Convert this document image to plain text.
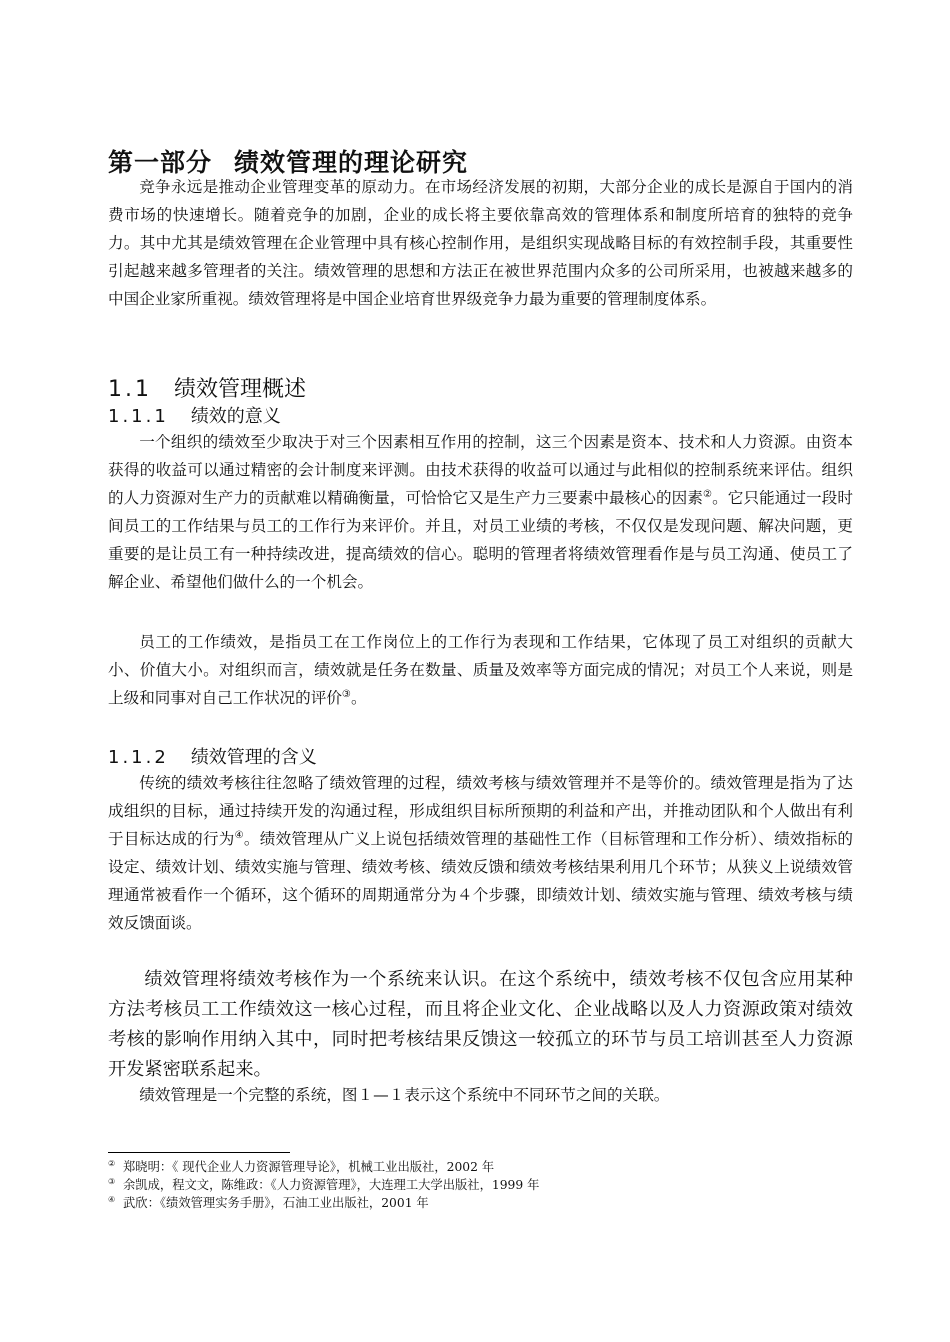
第一部分 绩效管理的理论研究
竞争永远是推动企业管理变革的原动力。在市场经济发展的初期，大部分企业的成长是源自于国内的消费市场的快速增长。随着竞争的加剧，企业的成长将主要依靠高效的管理体系和制度所培育的独特的竞争力。其中尤其是绩效管理在企业管理中具有核心控制作用，是组织实现战略目标的有效控制手段，其重要性引起越来越多管理者的关注。绩效管理的思想和方法正在被世界范围内众多的公司所采用，也被越来越多的中国企业家所重视。绩效管理将是中国企业培育世界级竞争力最为重要的管理制度体系。
1.1 绩效管理概述
1.1.1 绩效的意义
一个组织的绩效至少取决于对三个因素相互作用的控制，这三个因素是资本、技术和人力资源。由资本获得的收益可以通过精密的会计制度来评测。由技术获得的收益可以通过与此相似的控制系统来评估。组织的人力资源对生产力的贡献难以精确衡量，可恰恰它又是生产力三要素中最核心的因素②。它只能通过一段时间员工的工作结果与员工的工作行为来评价。并且，对员工业绩的考核，不仅仅是发现问题、解决问题，更重要的是让员工有一种持续改进，提高绩效的信心。聪明的管理者将绩效管理看作是与员工沟通、使员工了解企业、希望他们做什么的一个机会。
员工的工作绩效，是指员工在工作岗位上的工作行为表现和工作结果，它体现了员工对组织的贡献大小、价值大小。对组织而言，绩效就是任务在数量、质量及效率等方面完成的情况；对员工个人来说，则是上级和同事对自己工作状况的评价③。
1.1.2 绩效管理的含义
传统的绩效考核往往忽略了绩效管理的过程，绩效考核与绩效管理并不是等价的。绩效管理是指为了达成组织的目标，通过持续开发的沟通过程，形成组织目标所预期的利益和产出，并推动团队和个人做出有利于目标达成的行为④。绩效管理从广义上说包括绩效管理的基础性工作（目标管理和工作分析）、绩效指标的设定、绩效计划、绩效实施与管理、绩效考核、绩效反馈和绩效考核结果利用几个环节；从狭义上说绩效管理通常被看作一个循环，这个循环的周期通常分为４个步骤，即绩效计划、绩效实施与管理、绩效考核与绩效反馈面谈。
绩效管理将绩效考核作为一个系统来认识。在这个系统中，绩效考核不仅包含应用某种方法考核员工工作绩效这一核心过程，而且将企业文化、企业战略以及人力资源政策对绩效考核的影响作用纳入其中，同时把考核结果反馈这一较孤立的环节与员工培训甚至人力资源开发紧密联系起来。
绩效管理是一个完整的系统，图１—１表示这个系统中不同环节之间的关联。
② 郑晓明：《 现代企业人力资源管理导论》，机械工业出版社，2002 年
③ 余凯成，程文文，陈维政：《人力资源管理》，大连理工大学出版社，1999 年
④ 武欣：《绩效管理实务手册》，石油工业出版社，2001 年
